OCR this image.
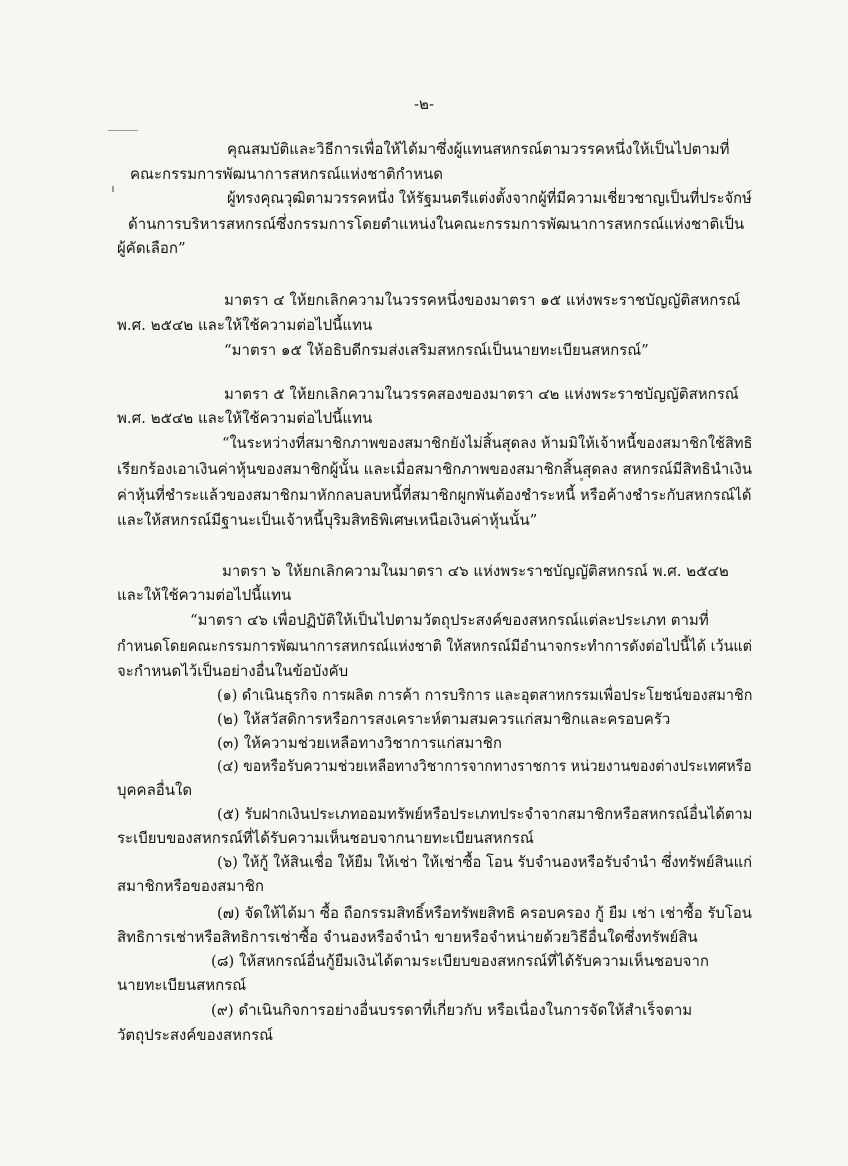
-๒-
คุณสมบัติและวิธีการเพื่อให้ได้มาซึ่งผู้แทนสหกรณ์ตามวรรคหนึ่งให้เป็นไปตามที่
คณะกรรมการพัฒนาการสหกรณ์แห่งชาติกำหนด
ผู้ทรงคุณวุฒิตามวรรคหนึ่ง ให้รัฐมนตรีแต่งตั้งจากผู้ที่มีความเชี่ยวชาญเป็นที่ประจักษ์
ด้านการบริหารสหกรณ์ซึ่งกรรมการโดยตำแหน่งในคณะกรรมการพัฒนาการสหกรณ์แห่งชาติเป็น
ผู้คัดเลือก”
มาตรา ๔ ให้ยกเลิกความในวรรคหนึ่งของมาตรา ๑๕ แห่งพระราชบัญญัติสหกรณ์
พ.ศ. ๒๕๔๒ และให้ใช้ความต่อไปนี้แทน
“มาตรา ๑๕ ให้อธิบดีกรมส่งเสริมสหกรณ์เป็นนายทะเบียนสหกรณ์”
มาตรา ๕ ให้ยกเลิกความในวรรคสองของมาตรา ๔๒ แห่งพระราชบัญญัติสหกรณ์
พ.ศ. ๒๕๔๒ และให้ใช้ความต่อไปนี้แทน
“ในระหว่างที่สมาชิกภาพของสมาชิกยังไม่สิ้นสุดลง ห้ามมิให้เจ้าหนี้ของสมาชิกใช้สิทธิ
เรียกร้องเอาเงินค่าหุ้นของสมาชิกผู้นั้น และเมื่อสมาชิกภาพของสมาชิกสิ้นสุดลง สหกรณ์มีสิทธินำเงิน
ค่าหุ้นที่ชำระแล้วของสมาชิกมาหักกลบลบหนี้ที่สมาชิกผูกพันต้องชำระหนี้ หรือค้างชำระกับสหกรณ์ได้
และให้สหกรณ์มีฐานะเป็นเจ้าหนี้บุริมสิทธิพิเศษเหนือเงินค่าหุ้นนั้น”
มาตรา ๖ ให้ยกเลิกความในมาตรา ๔๖ แห่งพระราชบัญญัติสหกรณ์ พ.ศ. ๒๕๔๒
และให้ใช้ความต่อไปนี้แทน
“มาตรา ๔๖ เพื่อปฏิบัติให้เป็นไปตามวัตถุประสงค์ของสหกรณ์แต่ละประเภท ตามที่
กำหนดโดยคณะกรรมการพัฒนาการสหกรณ์แห่งชาติ ให้สหกรณ์มีอำนาจกระทำการดังต่อไปนี้ได้ เว้นแต่
จะกำหนดไว้เป็นอย่างอื่นในข้อบังคับ
(๑) ดำเนินธุรกิจ การผลิต การค้า การบริการ และอุตสาหกรรมเพื่อประโยชน์ของสมาชิก
(๒) ให้สวัสดิการหรือการสงเคราะห์ตามสมควรแก่สมาชิกและครอบครัว
(๓) ให้ความช่วยเหลือทางวิชาการแก่สมาชิก
(๔) ขอหรือรับความช่วยเหลือทางวิชาการจากทางราชการ หน่วยงานของต่างประเทศหรือ
บุคคลอื่นใด
(๕) รับฝากเงินประเภทออมทรัพย์หรือประเภทประจำจากสมาชิกหรือสหกรณ์อื่นได้ตาม
ระเบียบของสหกรณ์ที่ได้รับความเห็นชอบจากนายทะเบียนสหกรณ์
(๖) ให้กู้ ให้สินเชื่อ ให้ยืม ให้เช่า ให้เช่าซื้อ โอน รับจำนองหรือรับจำนำ ซึ่งทรัพย์สินแก่
สมาชิกหรือของสมาชิก
(๗) จัดให้ได้มา ซื้อ ถือกรรมสิทธิ์หรือทรัพยสิทธิ ครอบครอง กู้ ยืม เช่า เช่าซื้อ รับโอน
สิทธิการเช่าหรือสิทธิการเช่าซื้อ จำนองหรือจำนำ ขายหรือจำหน่ายด้วยวิธีอื่นใดซึ่งทรัพย์สิน
(๘) ให้สหกรณ์อื่นกู้ยืมเงินได้ตามระเบียบของสหกรณ์ที่ได้รับความเห็นชอบจาก
นายทะเบียนสหกรณ์
(๙) ดำเนินกิจการอย่างอื่นบรรดาที่เกี่ยวกับ หรือเนื่องในการจัดให้สำเร็จตาม
วัตถุประสงค์ของสหกรณ์
